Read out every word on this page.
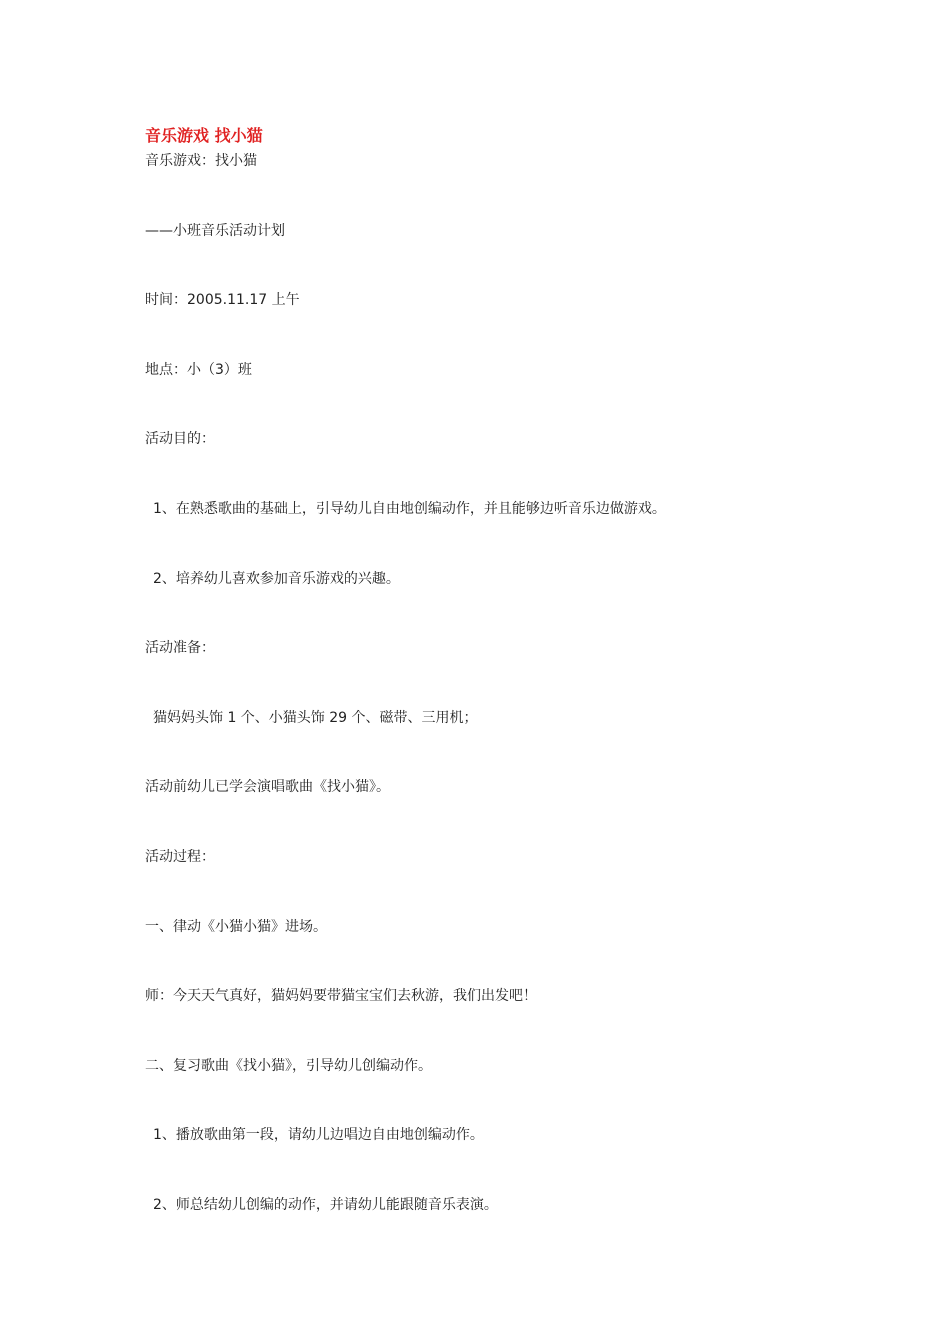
音乐游戏 找小猫
音乐游戏：找小猫
——小班音乐活动计划
时间：2005.11.17 上午
地点：小（3）班
活动目的：
1、在熟悉歌曲的基础上，引导幼儿自由地创编动作，并且能够边听音乐边做游戏。
2、培养幼儿喜欢参加音乐游戏的兴趣。
活动准备：
猫妈妈头饰 1 个、小猫头饰 29 个、磁带、三用机；
活动前幼儿已学会演唱歌曲《找小猫》。
活动过程：
一、律动《小猫小猫》进场。
师：今天天气真好，猫妈妈要带猫宝宝们去秋游，我们出发吧！
二、复习歌曲《找小猫》，引导幼儿创编动作。
1、播放歌曲第一段，请幼儿边唱边自由地创编动作。
2、师总结幼儿创编的动作，并请幼儿能跟随音乐表演。
